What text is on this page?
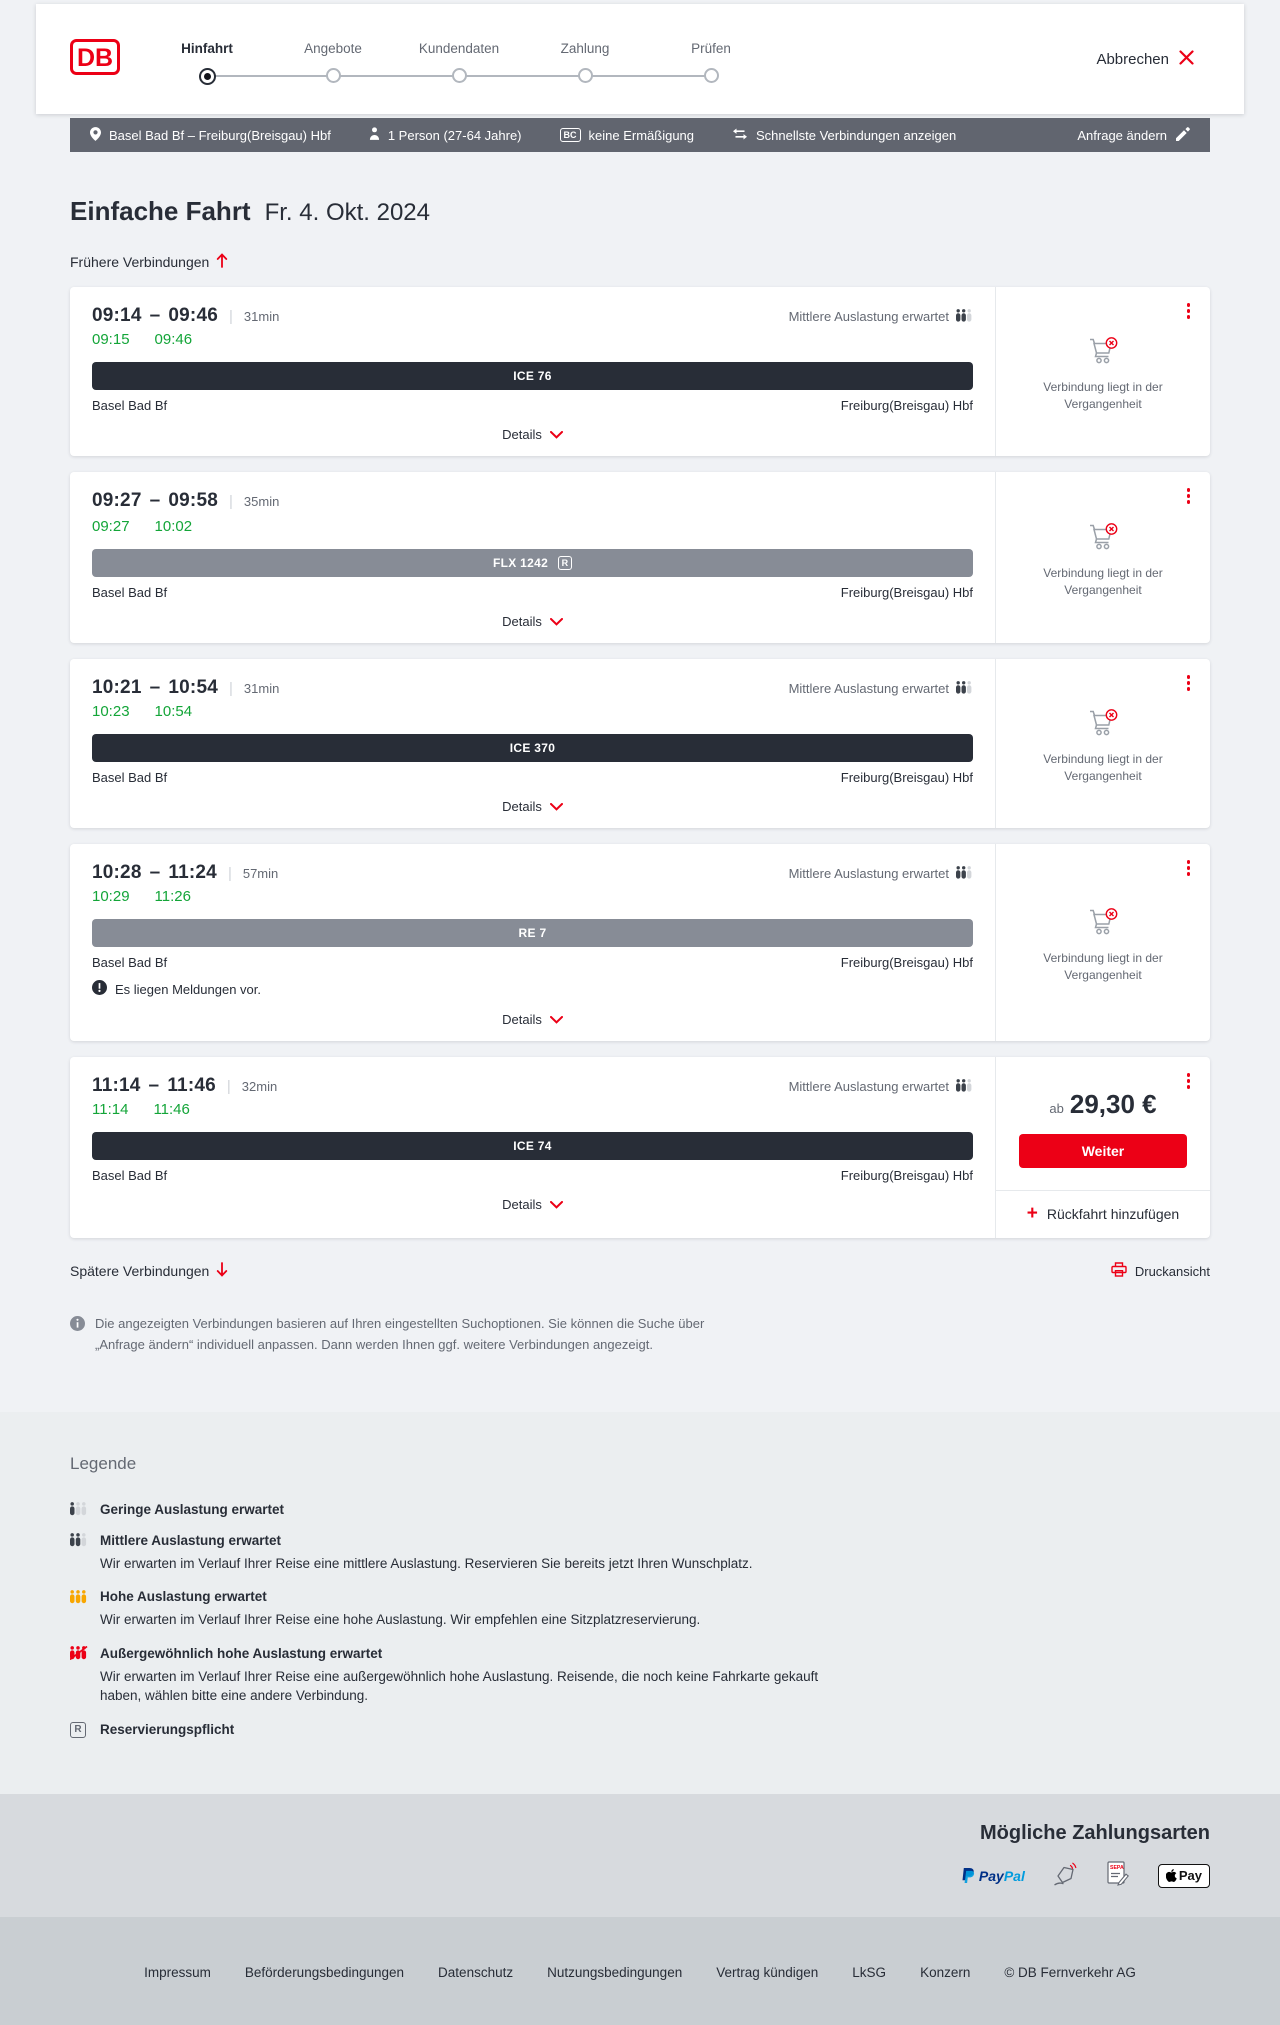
DB	Hinfahrt	Angebote	Kundendaten	Zahlung	Prüfen
Abbrechen
Basel Bad Bf – Freiburg(Breisgau) Hbf	1 Person (27-64 Jahre)	BC keine Ermäßigung	Schnellste Verbindungen anzeigen	Anfrage ändern
Einfache Fahrt Fr. 4. Okt. 2024
Frühere Verbindungen
09:14 – 09:46 | 31min	Mittlere Auslastung erwartet
09:15 09:46
ICE 76
Basel Bad Bf	Freiburg(Breisgau) Hbf
Details
Verbindung liegt in der Vergangenheit
09:27 – 09:58 | 35min
09:27 10:02
FLX 1242	R
Basel Bad Bf	Freiburg(Breisgau) Hbf
Details
Verbindung liegt in der Vergangenheit
10:21 – 10:54 | 31min	Mittlere Auslastung erwartet
10:23 10:54
ICE 370
Basel Bad Bf	Freiburg(Breisgau) Hbf
Details
Verbindung liegt in der Vergangenheit
10:28 – 11:24 | 57min	Mittlere Auslastung erwartet
10:29 11:26
RE 7
Basel Bad Bf	Freiburg(Breisgau) Hbf
Es liegen Meldungen vor.
Details
Verbindung liegt in der Vergangenheit
11:14 – 11:46 | 32min	Mittlere Auslastung erwartet
11:14 11:46
ICE 74
Basel Bad Bf	Freiburg(Breisgau) Hbf
Details
ab 29,30 €
Weiter
+ Rückfahrt hinzufügen
Spätere Verbindungen	Druckansicht
Die angezeigten Verbindungen basieren auf Ihren eingestellten Suchoptionen. Sie können die Suche über „Anfrage ändern“ individuell anpassen. Dann werden Ihnen ggf. weitere Verbindungen angezeigt.
Legende
Geringe Auslastung erwartet
Mittlere Auslastung erwartet
Wir erwarten im Verlauf Ihrer Reise eine mittlere Auslastung. Reservieren Sie bereits jetzt Ihren Wunschplatz.
Hohe Auslastung erwartet
Wir erwarten im Verlauf Ihrer Reise eine hohe Auslastung. Wir empfehlen eine Sitzplatzreservierung.
Außergewöhnlich hohe Auslastung erwartet
Wir erwarten im Verlauf Ihrer Reise eine außergewöhnlich hohe Auslastung. Reisende, die noch keine Fahrkarte gekauft haben, wählen bitte eine andere Verbindung.
R	Reservierungspflicht
Mögliche Zahlungsarten
PayPal	SEPA
Pay
Impressum	Beförderungsbedingungen	Datenschutz	Nutzungsbedingungen	Vertrag kündigen	LkSG	Konzern	© DB Fernverkehr AG
